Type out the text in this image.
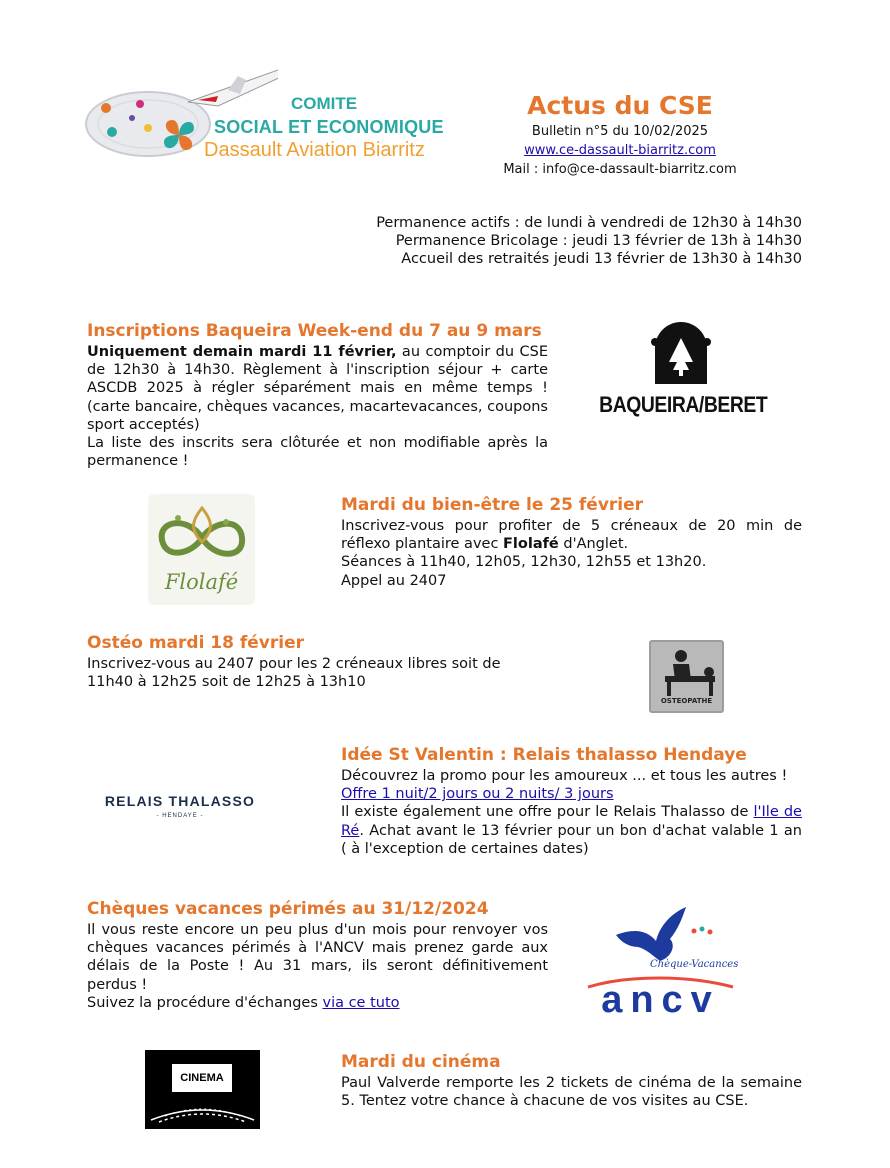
COMITE
SOCIAL ET ECONOMIQUE
Dassault Aviation Biarritz
Actus du CSE
Bulletin n°5 du 10/02/2025
www.ce-dassault-biarritz.com
Mail : info@ce-dassault-biarritz.com
Permanence actifs : de lundi à vendredi de 12h30 à 14h30
Permanence Bricolage : jeudi 13 février de 13h à 14h30
Accueil des retraités jeudi 13 février de 13h30 à 14h30
Inscriptions Baqueira Week-end du 7 au 9 mars

Uniquement demain mardi 11 février, au comptoir du CSE de 12h30 à 14h30. Règlement à l'inscription séjour + carte ASCDB 2025 à régler séparément mais en même temps ! (carte bancaire, chèques vacances, macartevacances, coupons sport acceptés)

La liste des inscrits sera clôturée et non modifiable après la permanence !

BAQUEIRA/BERET
Flolafé
Mardi du bien-être le 25 février

Inscrivez-vous pour profiter de 5 créneaux de 20 min de réflexo plantaire avec Flolafé d'Anglet.

Séances à 11h40, 12h05, 12h30, 12h55 et 13h20.

Appel au 2407

Ostéo mardi 18 février
Inscrivez-vous au 2407 pour les 2 créneaux libres soit de 11h40 à 12h25 soit de 12h25 à 13h10
OSTEOPATHE
RELAIS THALASSO
- HENDAYE -
Idée St Valentin : Relais thalasso Hendaye

Découvrez la promo pour les amoureux ... et tous les autres !

Offre 1 nuit/2 jours ou 2 nuits/ 3 jours

Il existe également une offre pour le Relais Thalasso de l'Ile de Ré. Achat avant le 13 février pour un bon d'achat valable 1 an ( à l'exception de certaines dates)

Chèques vacances périmés au 31/12/2024

Il vous reste encore un peu plus d'un mois pour renvoyer vos chèques vacances périmés à l'ANCV mais prenez garde aux délais de la Poste ! Au 31 mars, ils seront définitivement perdus !

Suivez la procédure d'échanges via ce tuto

Chèque-Vacances
ancv
CINEMA
Mardi du cinéma
Paul Valverde remporte les 2 tickets de cinéma de la semaine 5. Tentez votre chance à chacune de vos visites au CSE.
